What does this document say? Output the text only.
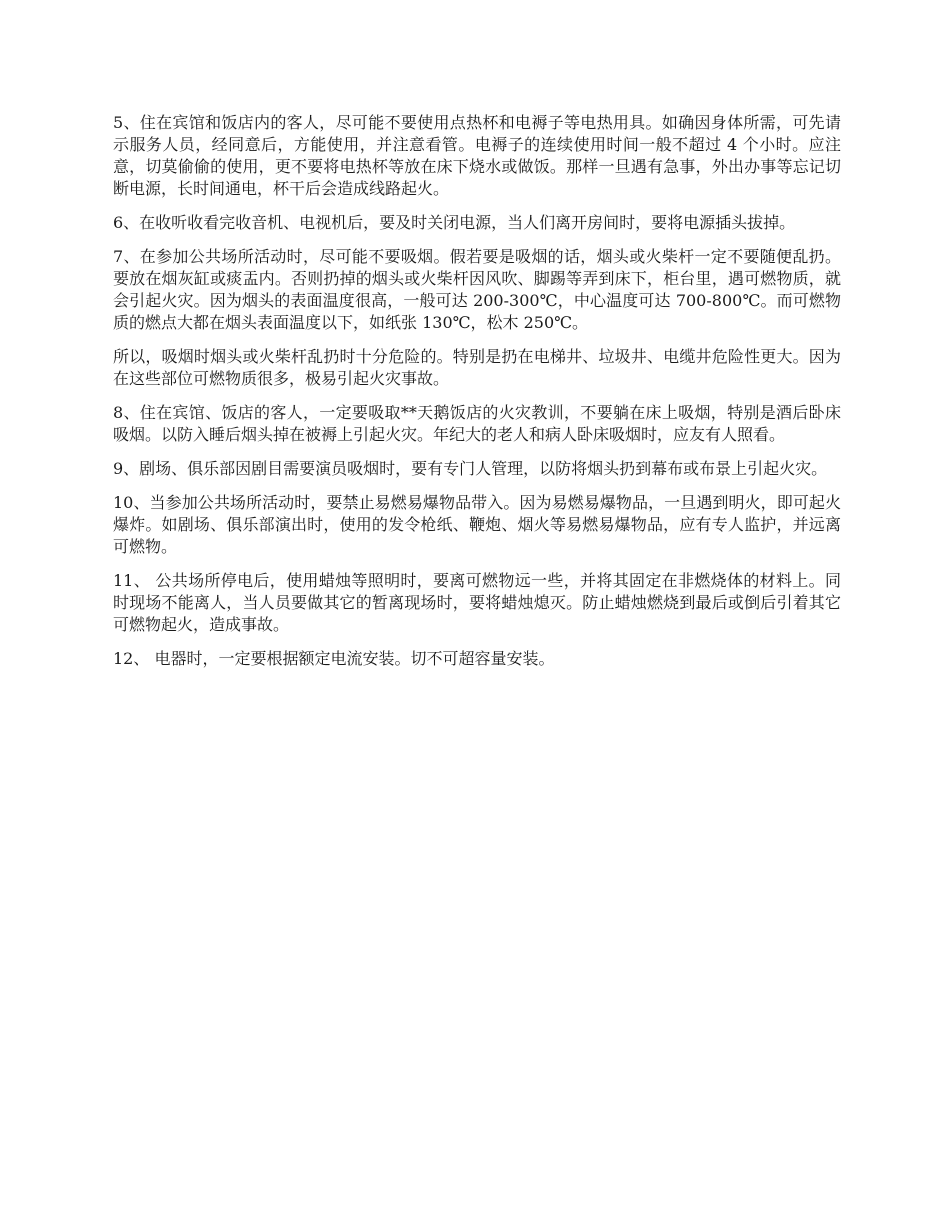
5、住在宾馆和饭店内的客人，尽可能不要使用点热杯和电褥子等电热用具。如确因身体所需，可先请示服务人员，经同意后，方能使用，并注意看管。电褥子的连续使用时间一般不超过 4 个小时。应注意，切莫偷偷的使用，更不要将电热杯等放在床下烧水或做饭。那样一旦遇有急事，外出办事等忘记切断电源，长时间通电，杯干后会造成线路起火。

6、在收听收看完收音机、电视机后，要及时关闭电源，当人们离开房间时，要将电源插头拔掉。

7、在参加公共场所活动时，尽可能不要吸烟。假若要是吸烟的话，烟头或火柴杆一定不要随便乱扔。要放在烟灰缸或痰盂内。否则扔掉的烟头或火柴杆因风吹、脚踢等弄到床下，柜台里，遇可燃物质，就会引起火灾。因为烟头的表面温度很高，一般可达 200-300℃，中心温度可达 700-800℃。而可燃物质的燃点大都在烟头表面温度以下，如纸张 130℃，松木 250℃。

所以，吸烟时烟头或火柴杆乱扔时十分危险的。特别是扔在电梯井、垃圾井、电缆井危险性更大。因为在这些部位可燃物质很多，极易引起火灾事故。

8、住在宾馆、饭店的客人，一定要吸取**天鹅饭店的火灾教训，不要躺在床上吸烟，特别是酒后卧床吸烟。以防入睡后烟头掉在被褥上引起火灾。年纪大的老人和病人卧床吸烟时，应友有人照看。

9、剧场、俱乐部因剧目需要演员吸烟时，要有专门人管理，以防将烟头扔到幕布或布景上引起火灾。

10、当参加公共场所活动时，要禁止易燃易爆物品带入。因为易燃易爆物品，一旦遇到明火，即可起火爆炸。如剧场、俱乐部演出时，使用的发令枪纸、鞭炮、烟火等易燃易爆物品，应有专人监护，并远离可燃物。

11、 公共场所停电后，使用蜡烛等照明时，要离可燃物远一些，并将其固定在非燃烧体的材料上。同时现场不能离人，当人员要做其它的暂离现场时，要将蜡烛熄灭。防止蜡烛燃烧到最后或倒后引着其它可燃物起火，造成事故。

12、 电器时，一定要根据额定电流安装。切不可超容量安装。
